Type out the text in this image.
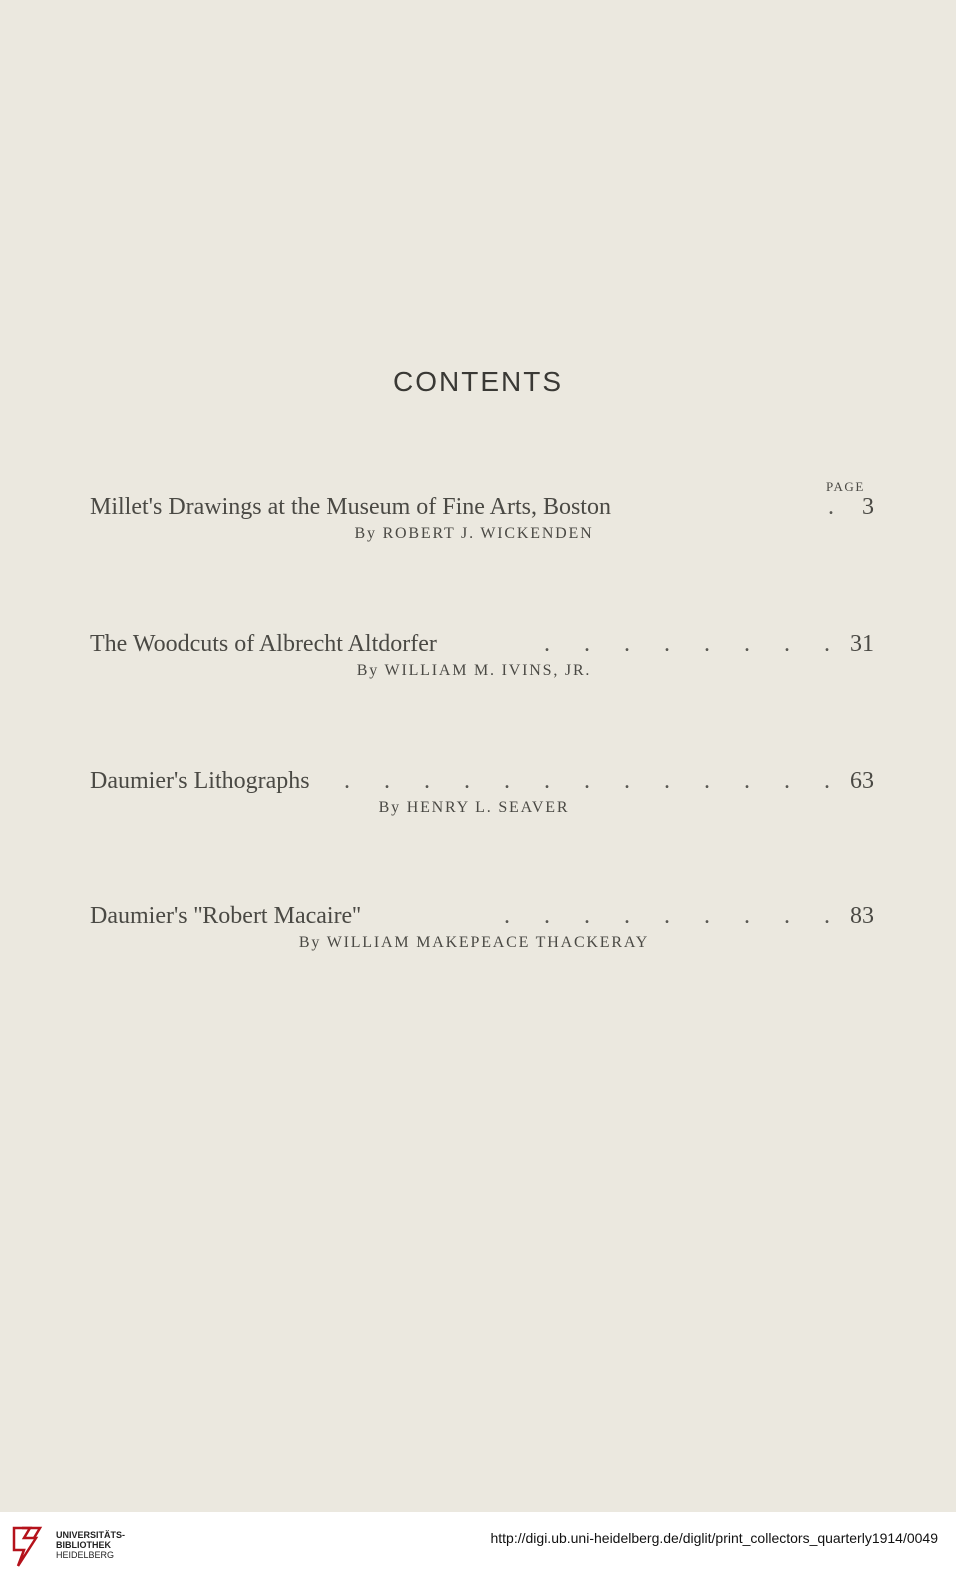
CONTENTS
PAGE
Millet's Drawings at the Museum of Fine Arts, Boston	. 3
By ROBERT J. WICKENDEN
The Woodcuts of Albrecht Altdorfer	. . . . . . . . 31
By WILLIAM M. IVINS, JR.
Daumier's Lithographs	. . . . . . . . . . . . . 63
By HENRY L. SEAVER
Daumier's ''Robert Macaire''	. . . . . . . . . 83
By WILLIAM MAKEPEACE THACKERAY
UNIVERSITÄTS-
BIBLIOTHEK
HEIDELBERG
http://digi.ub.uni-heidelberg.de/diglit/print_collectors_quarterly1914/0049
